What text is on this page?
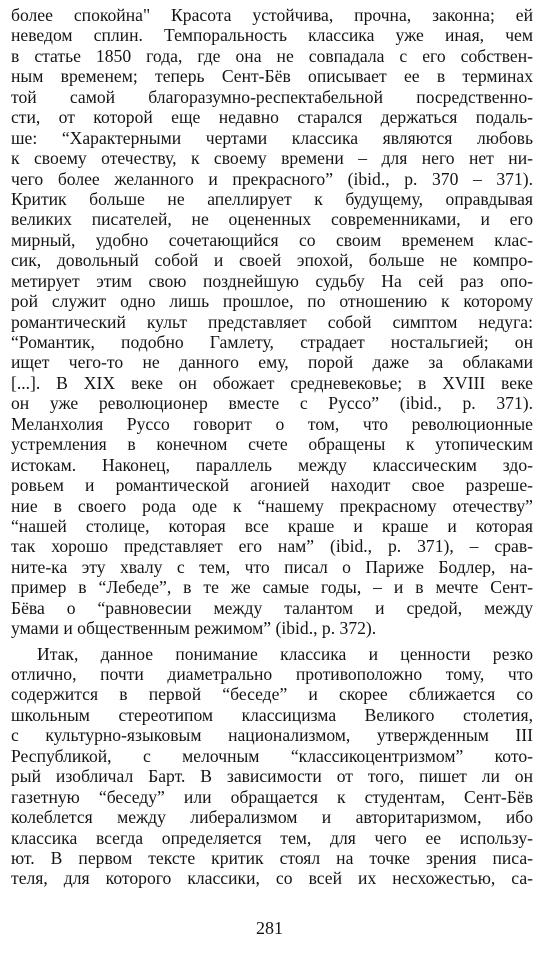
более спокойна" Красота устойчива, прочна, законна; ей
неведом сплин. Темпоральность классика уже иная, чем
в статье 1850 года, где она не совпадала с его собствен-
ным временем; теперь Сент-Бёв описывает ее в терминах
той самой благоразумно-респектабельной посредственно-
сти, от которой еще недавно старался держаться подаль-
ше: “Характерными чертами классика являются любовь
к своему отечеству, к своему времени – для него нет ни-
чего более желанного и прекрасного” (ibid., p. 370 – 371).
Критик больше не апеллирует к будущему, оправдывая
великих писателей, не оцененных современниками, и его
мирный, удобно сочетающийся со своим временем клас-
сик, довольный собой и своей эпохой, больше не компро-
метирует этим свою позднейшую судьбу На сей раз опо-
рой служит одно лишь прошлое, по отношению к которому
романтический культ представляет собой симптом недуга:
“Романтик, подобно Гамлету, страдает ностальгией; он
ищет чего-то не данного ему, порой даже за облаками
[...]. В XIX веке он обожает средневековье; в XVIII веке
он уже революционер вместе с Руссо” (ibid., p. 371).
Меланхолия Руссо говорит о том, что революционные
устремления в конечном счете обращены к утопическим
истокам. Наконец, параллель между классическим здо-
ровьем и романтической агонией находит свое разреше-
ние в своего рода оде к “нашему прекрасному отечеству”
“нашей столице, которая все краше и краше и которая
так хорошо представляет его нам” (ibid., p. 371), – срав-
ните-ка эту хвалу с тем, что писал о Париже Бодлер, на-
пример в “Лебеде”, в те же самые годы, – и в мечте Сент-
Бёва о “равновесии между талантом и средой, между
умами и общественным режимом” (ibid., p. 372).
Итак, данное понимание классика и ценности резко
отлично, почти диаметрально противоположно тому, что
содержится в первой “беседе” и скорее сближается со
школьным стереотипом классицизма Великого столетия,
с культурно-языковым национализмом, утвержденным III
Республикой, с мелочным “классикоцентризмом” кото-
рый изобличал Барт. В зависимости от того, пишет ли он
газетную “беседу” или обращается к студентам, Сент-Бёв
колеблется между либерализмом и авторитаризмом, ибо
классика всегда определяется тем, для чего ее использу-
ют. В первом тексте критик стоял на точке зрения писа-
теля, для которого классики, со всей их несхожестью, са-
281
